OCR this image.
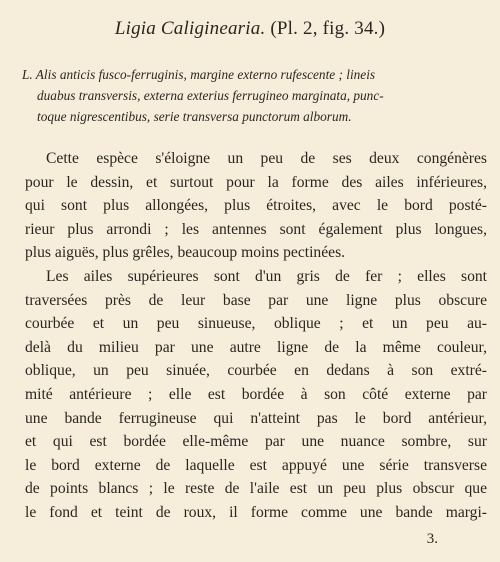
Ligia Caliginearia. (Pl. 2, fig. 34.)
L. Alis anticis fusco-ferruginis, margine externo rufescente ; lineis
duabus transversis, externa exterius ferrugineo marginata, punc-
toque nigrescentibus, serie transversa punctorum alborum.
Cette espèce s'éloigne un peu de ses deux congénères
pour le dessin, et surtout pour la forme des ailes inférieures,
qui sont plus allongées, plus étroites, avec le bord posté-
rieur plus arrondi ; les antennes sont également plus longues,
plus aiguës, plus grêles, beaucoup moins pectinées.
Les ailes supérieures sont d'un gris de fer ; elles sont
traversées près de leur base par une ligne plus obscure
courbée et un peu sinueuse, oblique ; et un peu au-
delà du milieu par une autre ligne de la même couleur,
oblique, un peu sinuée, courbée en dedans à son extré-
mité antérieure ; elle est bordée à son côté externe par
une bande ferrugineuse qui n'atteint pas le bord antérieur,
et qui est bordée elle-même par une nuance sombre, sur
le bord externe de laquelle est appuyé une série transverse
de points blancs ; le reste de l'aile est un peu plus obscur que
le fond et teint de roux, il forme comme une bande margi-
3.
